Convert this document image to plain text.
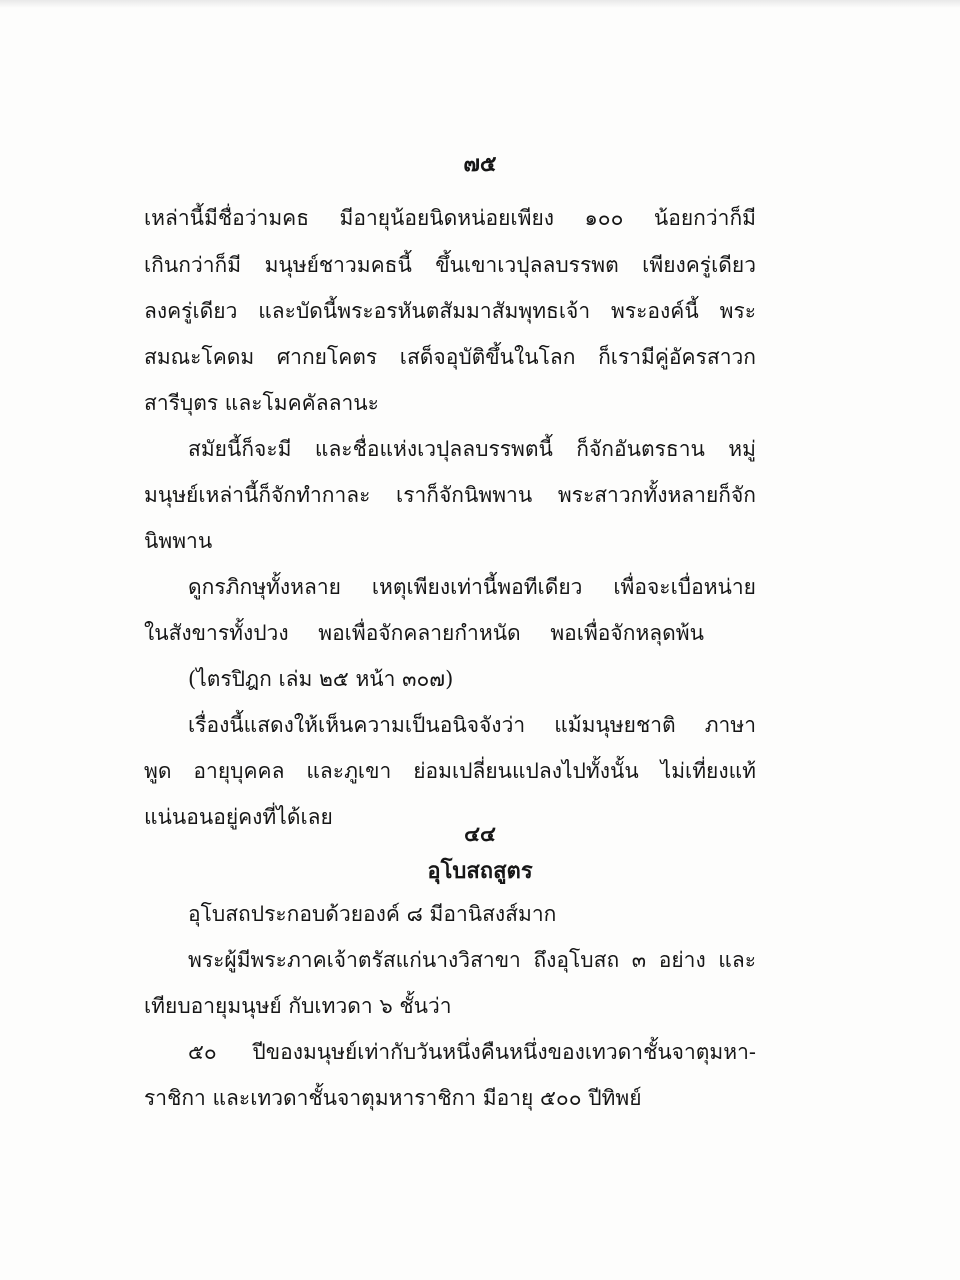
๗๕
เหล่านี้มีชื่อว่ามคธ มีอายุน้อยนิดหน่อยเพียง ๑๐๐ น้อยกว่าก็มี
เกินกว่าก็มี มนุษย์ชาวมคธนี้ ขึ้นเขาเวปุลลบรรพต เพียงครู่เดียว
ลงครู่เดียว และบัดนี้พระอรหันตสัมมาสัมพุทธเจ้า พระองค์นี้ พระ
สมณะโคดม ศากยโคตร เสด็จอุบัติขึ้นในโลก ก็เรามีคู่อัครสาวก
สารีบุตร และโมคคัลลานะ
สมัยนี้ก็จะมี และชื่อแห่งเวปุลลบรรพตนี้ ก็จักอันตรธาน หมู่
มนุษย์เหล่านี้ก็จักทำกาละ เราก็จักนิพพาน พระสาวกทั้งหลายก็จัก
นิพพาน
ดูกรภิกษุทั้งหลาย เหตุเพียงเท่านี้พอทีเดียว เพื่อจะเบื่อหน่าย
ในสังขารทั้งปวง พอเพื่อจักคลายกำหนัด พอเพื่อจักหลุดพ้น
(ไตรปิฎก เล่ม ๒๕ หน้า ๓๐๗)
เรื่องนี้แสดงให้เห็นความเป็นอนิจจังว่า แม้มนุษยชาติ ภาษา
พูด อายุบุคคล และภูเขา ย่อมเปลี่ยนแปลงไปทั้งนั้น ไม่เที่ยงแท้
แน่นอนอยู่คงที่ได้เลย
๔๔
อุโบสถสูตร
อุโบสถประกอบด้วยองค์ ๘ มีอานิสงส์มาก
พระผู้มีพระภาคเจ้าตรัสแก่นางวิสาขา ถึงอุโบสถ ๓ อย่าง และ
เทียบอายุมนุษย์ กับเทวดา ๖ ชั้นว่า
๕๐ ปีของมนุษย์เท่ากับวันหนึ่งคืนหนึ่งของเทวดาชั้นจาตุมหา-
ราชิกา และเทวดาชั้นจาตุมหาราชิกา มีอายุ ๕๐๐ ปีทิพย์
